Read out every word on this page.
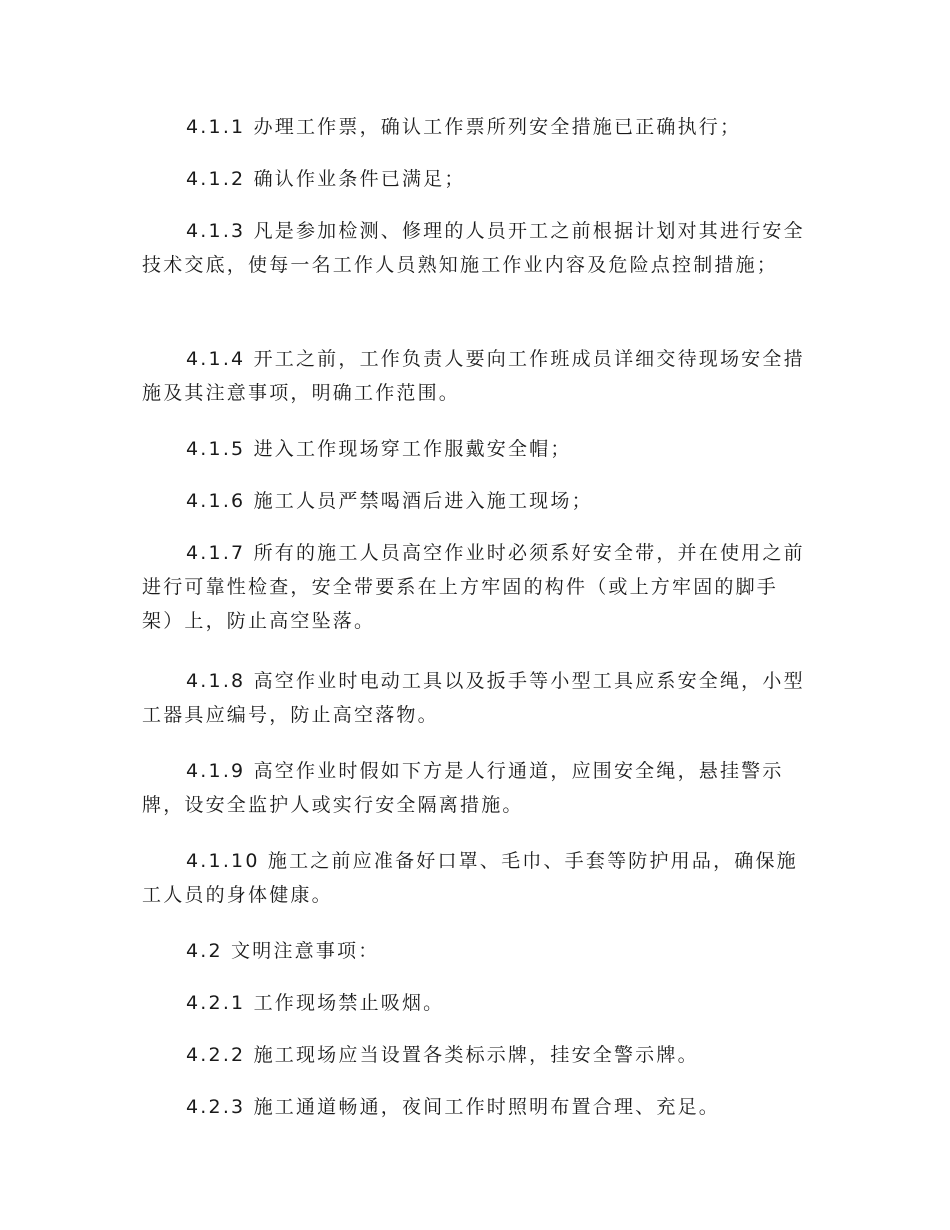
4.1.1 办理工作票，确认工作票所列安全措施已正确执行；

4.1.2 确认作业条件已满足；

4.1.3 凡是参加检测、修理的人员开工之前根据计划对其进行安全技术交底，使每一名工作人员熟知施工作业内容及危险点控制措施；

4.1.4 开工之前，工作负责人要向工作班成员详细交待现场安全措施及其注意事项，明确工作范围。

4.1.5 进入工作现场穿工作服戴安全帽；

4.1.6 施工人员严禁喝酒后进入施工现场；

4.1.7 所有的施工人员高空作业时必须系好安全带，并在使用之前进行可靠性检查，安全带要系在上方牢固的构件（或上方牢固的脚手架）上，防止高空坠落。

4.1.8 高空作业时电动工具以及扳手等小型工具应系安全绳，小型工器具应编号，防止高空落物。

4.1.9 高空作业时假如下方是人行通道，应围安全绳，悬挂警示牌，设安全监护人或实行安全隔离措施。

4.1.10 施工之前应准备好口罩、毛巾、手套等防护用品，确保施工人员的身体健康。

4.2 文明注意事项：

4.2.1 工作现场禁止吸烟。

4.2.2 施工现场应当设置各类标示牌，挂安全警示牌。

4.2.3 施工通道畅通，夜间工作时照明布置合理、充足。
